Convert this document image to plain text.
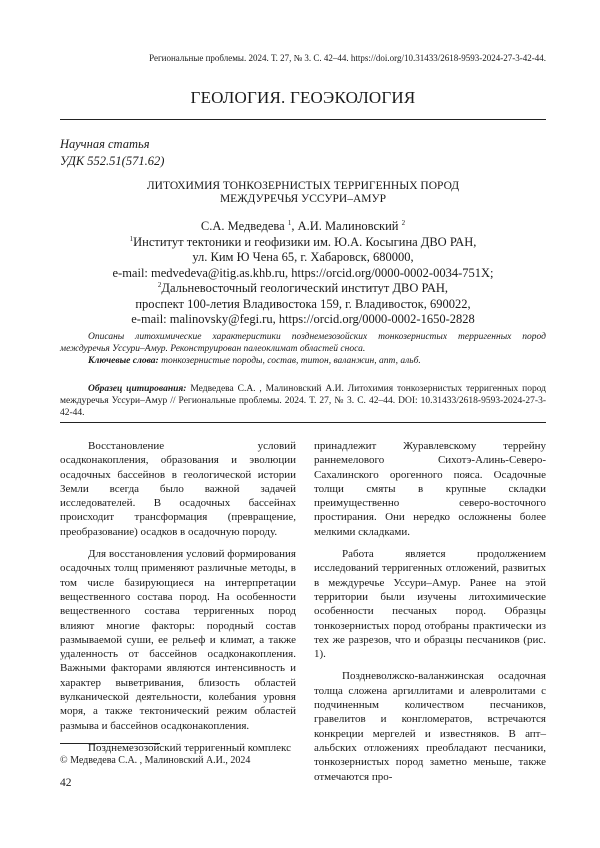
Региональные проблемы. 2024. Т. 27, № 3. С. 42–44. https://doi.org/10.31433/2618-9593-2024-27-3-42-44.
ГЕОЛОГИЯ. ГЕОЭКОЛОГИЯ
Научная статья
УДК 552.51(571.62)
ЛИТОХИМИЯ ТОНКОЗЕРНИСТЫХ ТЕРРИГЕННЫХ ПОРОД
МЕЖДУРЕЧЬЯ УССУРИ–АМУР
С.А. Медведева $^1$, А.И. Малиновский $^2$
$^1$Институт тектоники и геофизики им. Ю.А. Косыгина ДВО РАН,
ул. Ким Ю Чена 65, г. Хабаровск, 680000,
e-mail: medvedeva@itig.as.khb.ru, https://orcid.org/0000-0002-0034-751X;
$^2$Дальневосточный геологический институт ДВО РАН,
проспект 100-летия Владивостока 159, г. Владивосток, 690022,
e-mail: malinovsky@fegi.ru, https://orcid.org/0000-0002-1650-2828

Описаны литохимические характеристики позднемезозойских тонкозернистых терригенных пород междуречья Уссури–Амур. Реконструирован палеоклимат областей сноса.

Ключевые слова: тонкозернистые породы, состав, титон, валанжин, апт, альб.

Образец цитирования: Медведева С.А. , Малиновский А.И. Литохимия тонкозернистых терригенных пород междуречья Уссури–Амур // Региональные проблемы. 2024. Т. 27, № 3. С. 42–44. DOI: 10.31433/2618-9593-2024-27-3-42-44.

Восстановление условий осадконакопления, образования и эволюции осадочных бассейнов в геологической истории Земли всегда было важной задачей исследователей. В осадочных бассейнах происходит трансформация (превращение, преобразование) осадков в осадочную породу.

Для восстановления условий формирования осадочных толщ применяют различные методы, в том числе базирующиеся на интерпретации вещественного состава пород. На особенности вещественного состава терригенных пород влияют многие факторы: породный состав размываемой суши, ее рельеф и климат, а также удаленность от бассейнов осадконакопления. Важными факторами являются интенсивность и характер выветривания, близость областей вулканической деятельности, колебания уровня моря, а также тектонический режим областей размыва и бассейнов осадконакопления.

Позднемезозойский терригенный комплекс

принадлежит Журавлевскому террейну раннемелового Сихотэ-Алинь-Северо-Сахалинского орогенного пояса. Осадочные толщи смяты в крупные складки преимущественно северо-восточного простирания. Они нередко осложнены более мелкими складками.

Работа является продолжением исследований терригенных отложений, развитых в междуречье Уссури–Амур. Ранее на этой территории были изучены литохимические особенности песчаных пород. Образцы тонкозернистых пород отобраны практически из тех же разрезов, что и образцы песчаников (рис. 1).

Поздневолжско-валанжинская осадочная толща сложена аргиллитами и алевролитами с подчиненным количеством песчаников, гравелитов и конгломератов, встречаются конкреции мергелей и известняков. В апт–альбских отложениях преобладают песчаники, тонкозернистых пород заметно меньше, также отмечаются про-

© Медведева С.А. , Малиновский А.И., 2024
42
